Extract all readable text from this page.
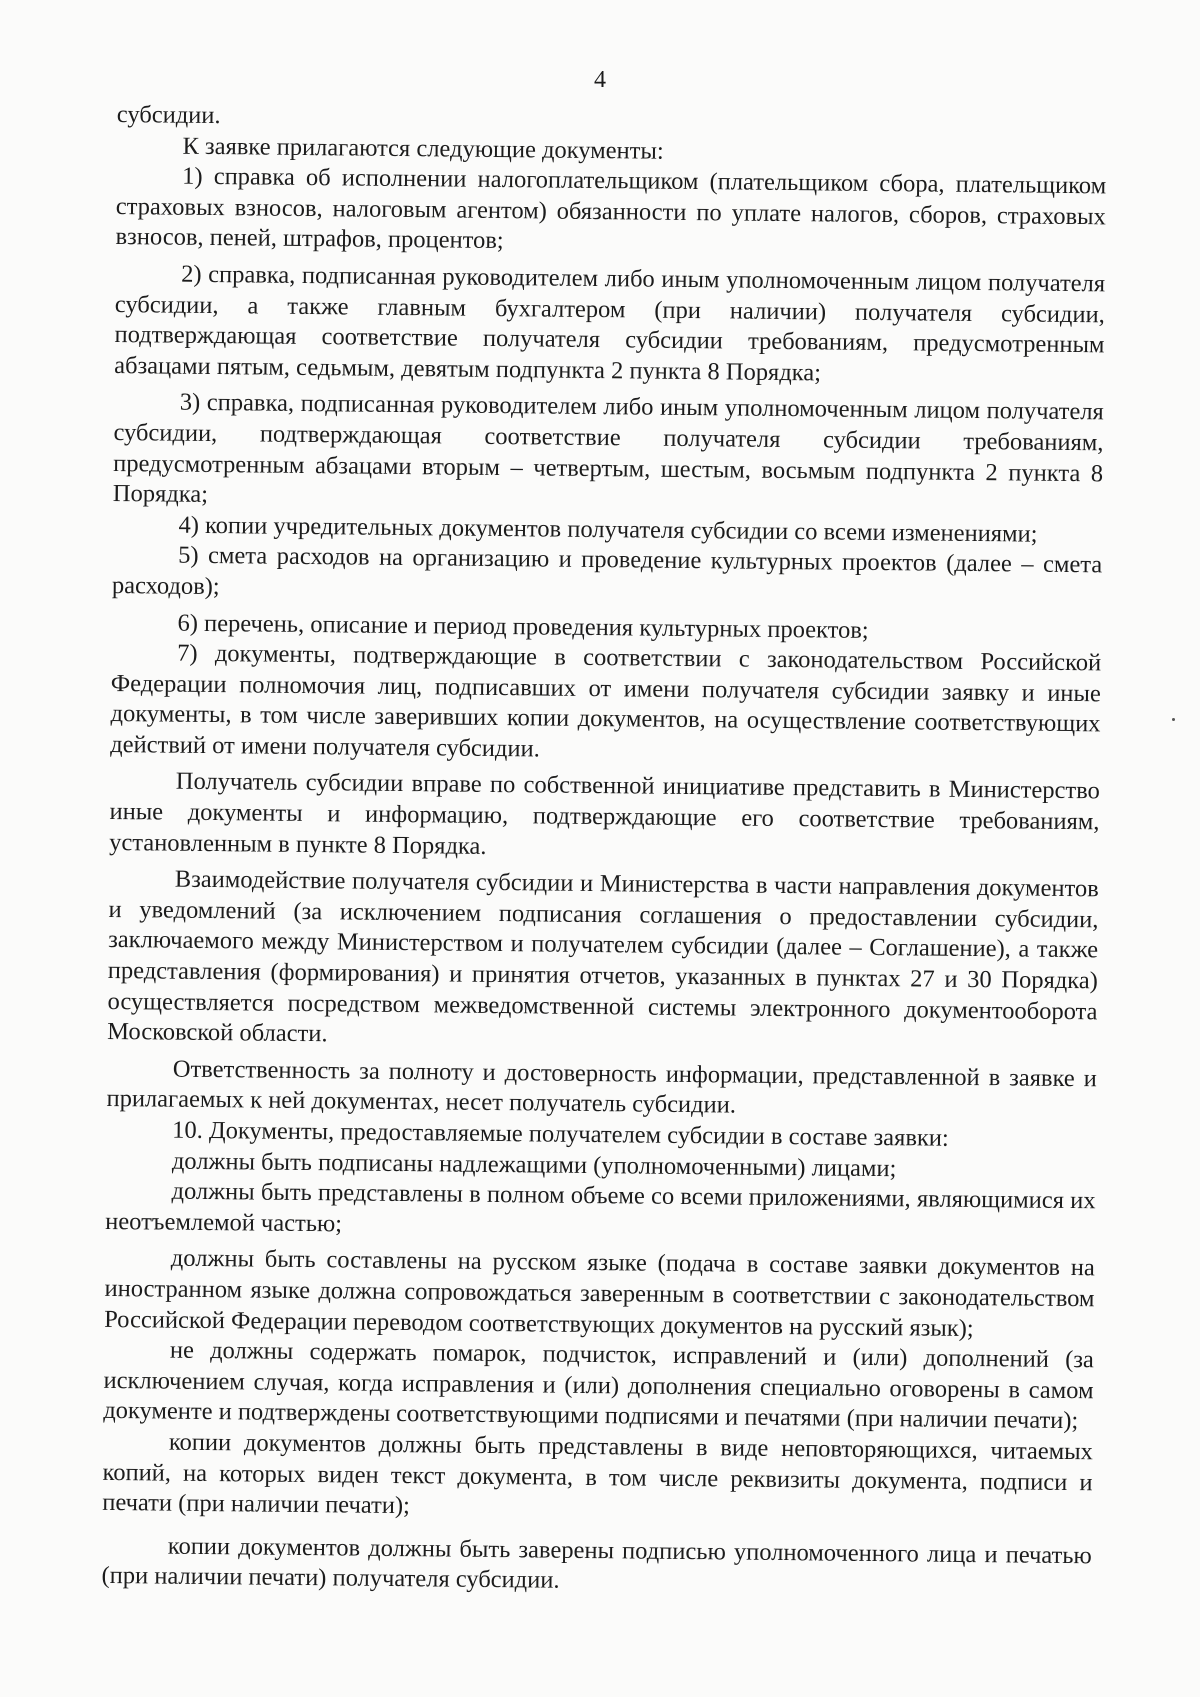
4

субсидии.

К заявке прилагаются следующие документы:

1) справка об исполнении налогоплательщиком (плательщиком сбора, плательщиком страховых взносов, налоговым агентом) обязанности по уплате налогов, сборов, страховых взносов, пеней, штрафов, процентов;

2) справка, подписанная руководителем либо иным уполномоченным лицом получателя субсидии, а также главным бухгалтером (при наличии) получателя субсидии, подтверждающая соответствие получателя субсидии требованиям, предусмотренным абзацами пятым, седьмым, девятым подпункта 2 пункта 8 Порядка;

3) справка, подписанная руководителем либо иным уполномоченным лицом получателя субсидии, подтверждающая соответствие получателя субсидии требованиям, предусмотренным абзацами вторым – четвертым, шестым, восьмым подпункта 2 пункта 8 Порядка;

4) копии учредительных документов получателя субсидии со всеми изменениями;

5) смета расходов на организацию и проведение культурных проектов (далее – смета расходов);

6) перечень, описание и период проведения культурных проектов;

7) документы, подтверждающие в соответствии с законодательством Российской Федерации полномочия лиц, подписавших от имени получателя субсидии заявку и иные документы, в том числе заверивших копии документов, на осуществление соответствующих действий от имени получателя субсидии.

Получатель субсидии вправе по собственной инициативе представить в Министерство иные документы и информацию, подтверждающие его соответствие требованиям, установленным в пункте 8 Порядка.

Взаимодействие получателя субсидии и Министерства в части направления документов и уведомлений (за исключением подписания соглашения о предоставлении субсидии, заключаемого между Министерством и получателем субсидии (далее – Соглашение), а также представления (формирования) и принятия отчетов, указанных в пунктах 27 и 30 Порядка) осуществляется посредством межведомственной системы электронного документооборота Московской области.

Ответственность за полноту и достоверность информации, представленной в заявке и прилагаемых к ней документах, несет получатель субсидии.

10. Документы, предоставляемые получателем субсидии в составе заявки:

должны быть подписаны надлежащими (уполномоченными) лицами;

должны быть представлены в полном объеме со всеми приложениями, являющимися их неотъемлемой частью;

должны быть составлены на русском языке (подача в составе заявки документов на иностранном языке должна сопровождаться заверенным в соответствии с законодательством Российской Федерации переводом соответствующих документов на русский язык);

не должны содержать помарок, подчисток, исправлений и (или) дополнений (за исключением случая, когда исправления и (или) дополнения специально оговорены в самом документе и подтверждены соответствующими подписями и печатями (при наличии печати);

копии документов должны быть представлены в виде неповторяющихся, читаемых копий, на которых виден текст документа, в том числе реквизиты документа, подписи и печати (при наличии печати);

копии документов должны быть заверены подписью уполномоченного лица и печатью (при наличии печати) получателя субсидии.
